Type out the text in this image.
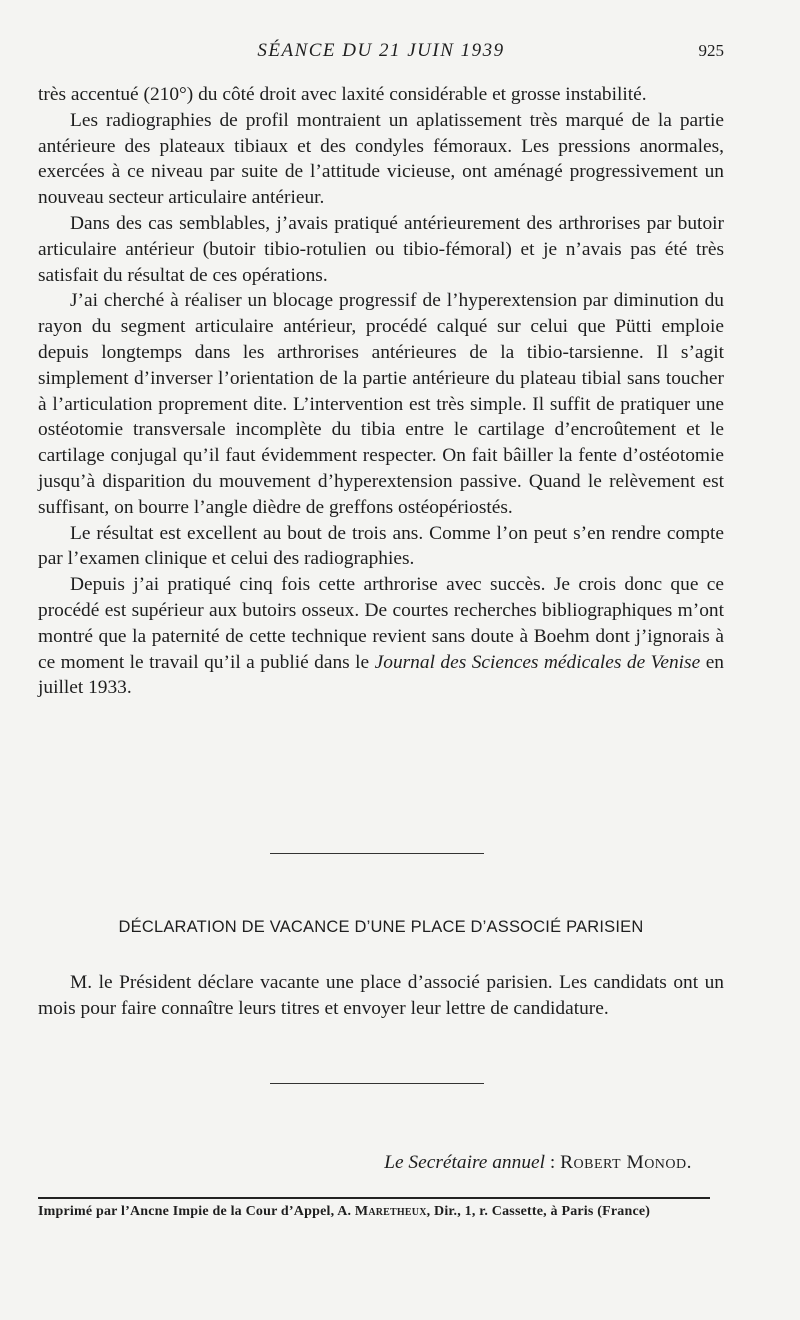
SÉANCE DU 21 JUIN 1939	925

très accentué (210°) du côté droit avec laxité considérable et grosse instabilité.

Les radiographies de profil montraient un aplatissement très marqué de la partie antérieure des plateaux tibiaux et des condyles fémoraux. Les pressions anormales, exercées à ce niveau par suite de l’attitude vicieuse, ont aménagé progressivement un nouveau secteur articulaire antérieur.

Dans des cas semblables, j’avais pratiqué antérieurement des arthrorises par butoir articulaire antérieur (butoir tibio-rotulien ou tibio-fémoral) et je n’avais pas été très satisfait du résultat de ces opérations.

J’ai cherché à réaliser un blocage progressif de l’hyperextension par diminution du rayon du segment articulaire antérieur, procédé calqué sur celui que Pütti emploie depuis longtemps dans les arthrorises antérieures de la tibio-tarsienne. Il s’agit simplement d’inverser l’orientation de la partie antérieure du plateau tibial sans toucher à l’articulation proprement dite. L’intervention est très simple. Il suffit de pratiquer une ostéotomie transversale incomplète du tibia entre le cartilage d’encroûtement et le cartilage conjugal qu’il faut évidemment respecter. On fait bâiller la fente d’ostéotomie jusqu’à disparition du mouvement d’hyperextension passive. Quand le relèvement est suffisant, on bourre l’angle dièdre de greffons ostéopériostés.

Le résultat est excellent au bout de trois ans. Comme l’on peut s’en rendre compte par l’examen clinique et celui des radiographies.

Depuis j’ai pratiqué cinq fois cette arthrorise avec succès. Je crois donc que ce procédé est supérieur aux butoirs osseux. De courtes recherches bibliographiques m’ont montré que la paternité de cette technique revient sans doute à Boehm dont j’ignorais à ce moment le travail qu’il a publié dans le Journal des Sciences médicales de Venise en juillet 1933.

DÉCLARATION DE VACANCE D’UNE PLACE D’ASSOCIÉ PARISIEN

M. le Président déclare vacante une place d’associé parisien. Les candidats ont un mois pour faire connaître leurs titres et envoyer leur lettre de candidature.

Le Secrétaire annuel : Robert Monod.
Imprimé par l’Ancne Impie de la Cour d’Appel, A. Maretheux, Dir., 1, r. Cassette, à Paris (France)
